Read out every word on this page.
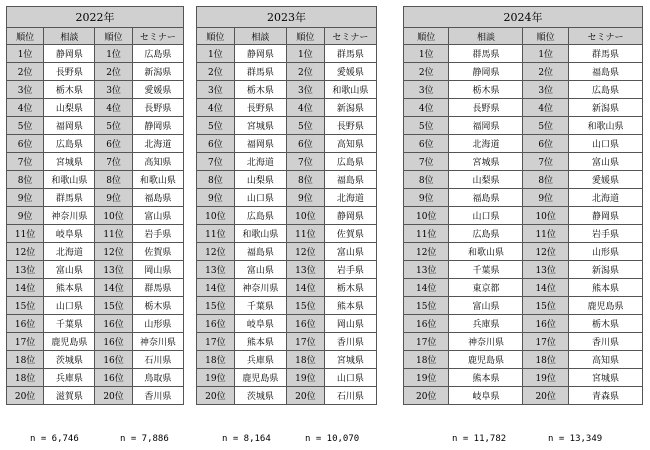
2022年			
順位	相談	順位	セミナー
1位	静岡県	1位	広島県
2位	長野県	2位	新潟県
3位	栃木県	3位	愛媛県
4位	山梨県	4位	長野県
5位	福岡県	5位	静岡県
6位	広島県	6位	北海道
7位	宮城県	7位	高知県
8位	和歌山県	8位	和歌山県
9位	群馬県	9位	福島県
9位	神奈川県	10位	富山県
11位	岐阜県	11位	岩手県
12位	北海道	12位	佐賀県
13位	富山県	13位	岡山県
14位	熊本県	14位	群馬県
15位	山口県	15位	栃木県
16位	千葉県	16位	山形県
17位	鹿児島県	16位	神奈川県
18位	茨城県	16位	石川県
18位	兵庫県	16位	鳥取県
20位	滋賀県	20位	香川県
2023年			
順位	相談	順位	セミナー
1位	静岡県	1位	群馬県
2位	群馬県	2位	愛媛県
3位	栃木県	3位	和歌山県
4位	長野県	4位	新潟県
5位	宮城県	5位	長野県
6位	福岡県	6位	高知県
7位	北海道	7位	広島県
8位	山梨県	8位	福島県
9位	山口県	9位	北海道
10位	広島県	10位	静岡県
11位	和歌山県	11位	佐賀県
12位	福島県	12位	富山県
13位	富山県	13位	岩手県
14位	神奈川県	14位	栃木県
15位	千葉県	15位	熊本県
16位	岐阜県	16位	岡山県
17位	熊本県	17位	香川県
18位	兵庫県	18位	宮城県
19位	鹿児島県	19位	山口県
20位	茨城県	20位	石川県
2024年			
順位	相談	順位	セミナー
1位	群馬県	1位	群馬県
2位	静岡県	2位	福島県
3位	栃木県	3位	広島県
4位	長野県	4位	新潟県
5位	福岡県	5位	和歌山県
6位	北海道	6位	山口県
7位	宮城県	7位	富山県
8位	山梨県	8位	愛媛県
9位	福島県	9位	北海道
10位	山口県	10位	静岡県
11位	広島県	11位	岩手県
12位	和歌山県	12位	山形県
13位	千葉県	13位	新潟県
14位	東京都	14位	熊本県
15位	富山県	15位	鹿児島県
16位	兵庫県	16位	栃木県
17位	神奈川県	17位	香川県
18位	鹿児島県	18位	高知県
19位	熊本県	19位	宮城県
20位	岐阜県	20位	青森県
n = 6,746	n = 7,886	n = 8,164	n = 10,070	n = 11,782	n = 13,349
